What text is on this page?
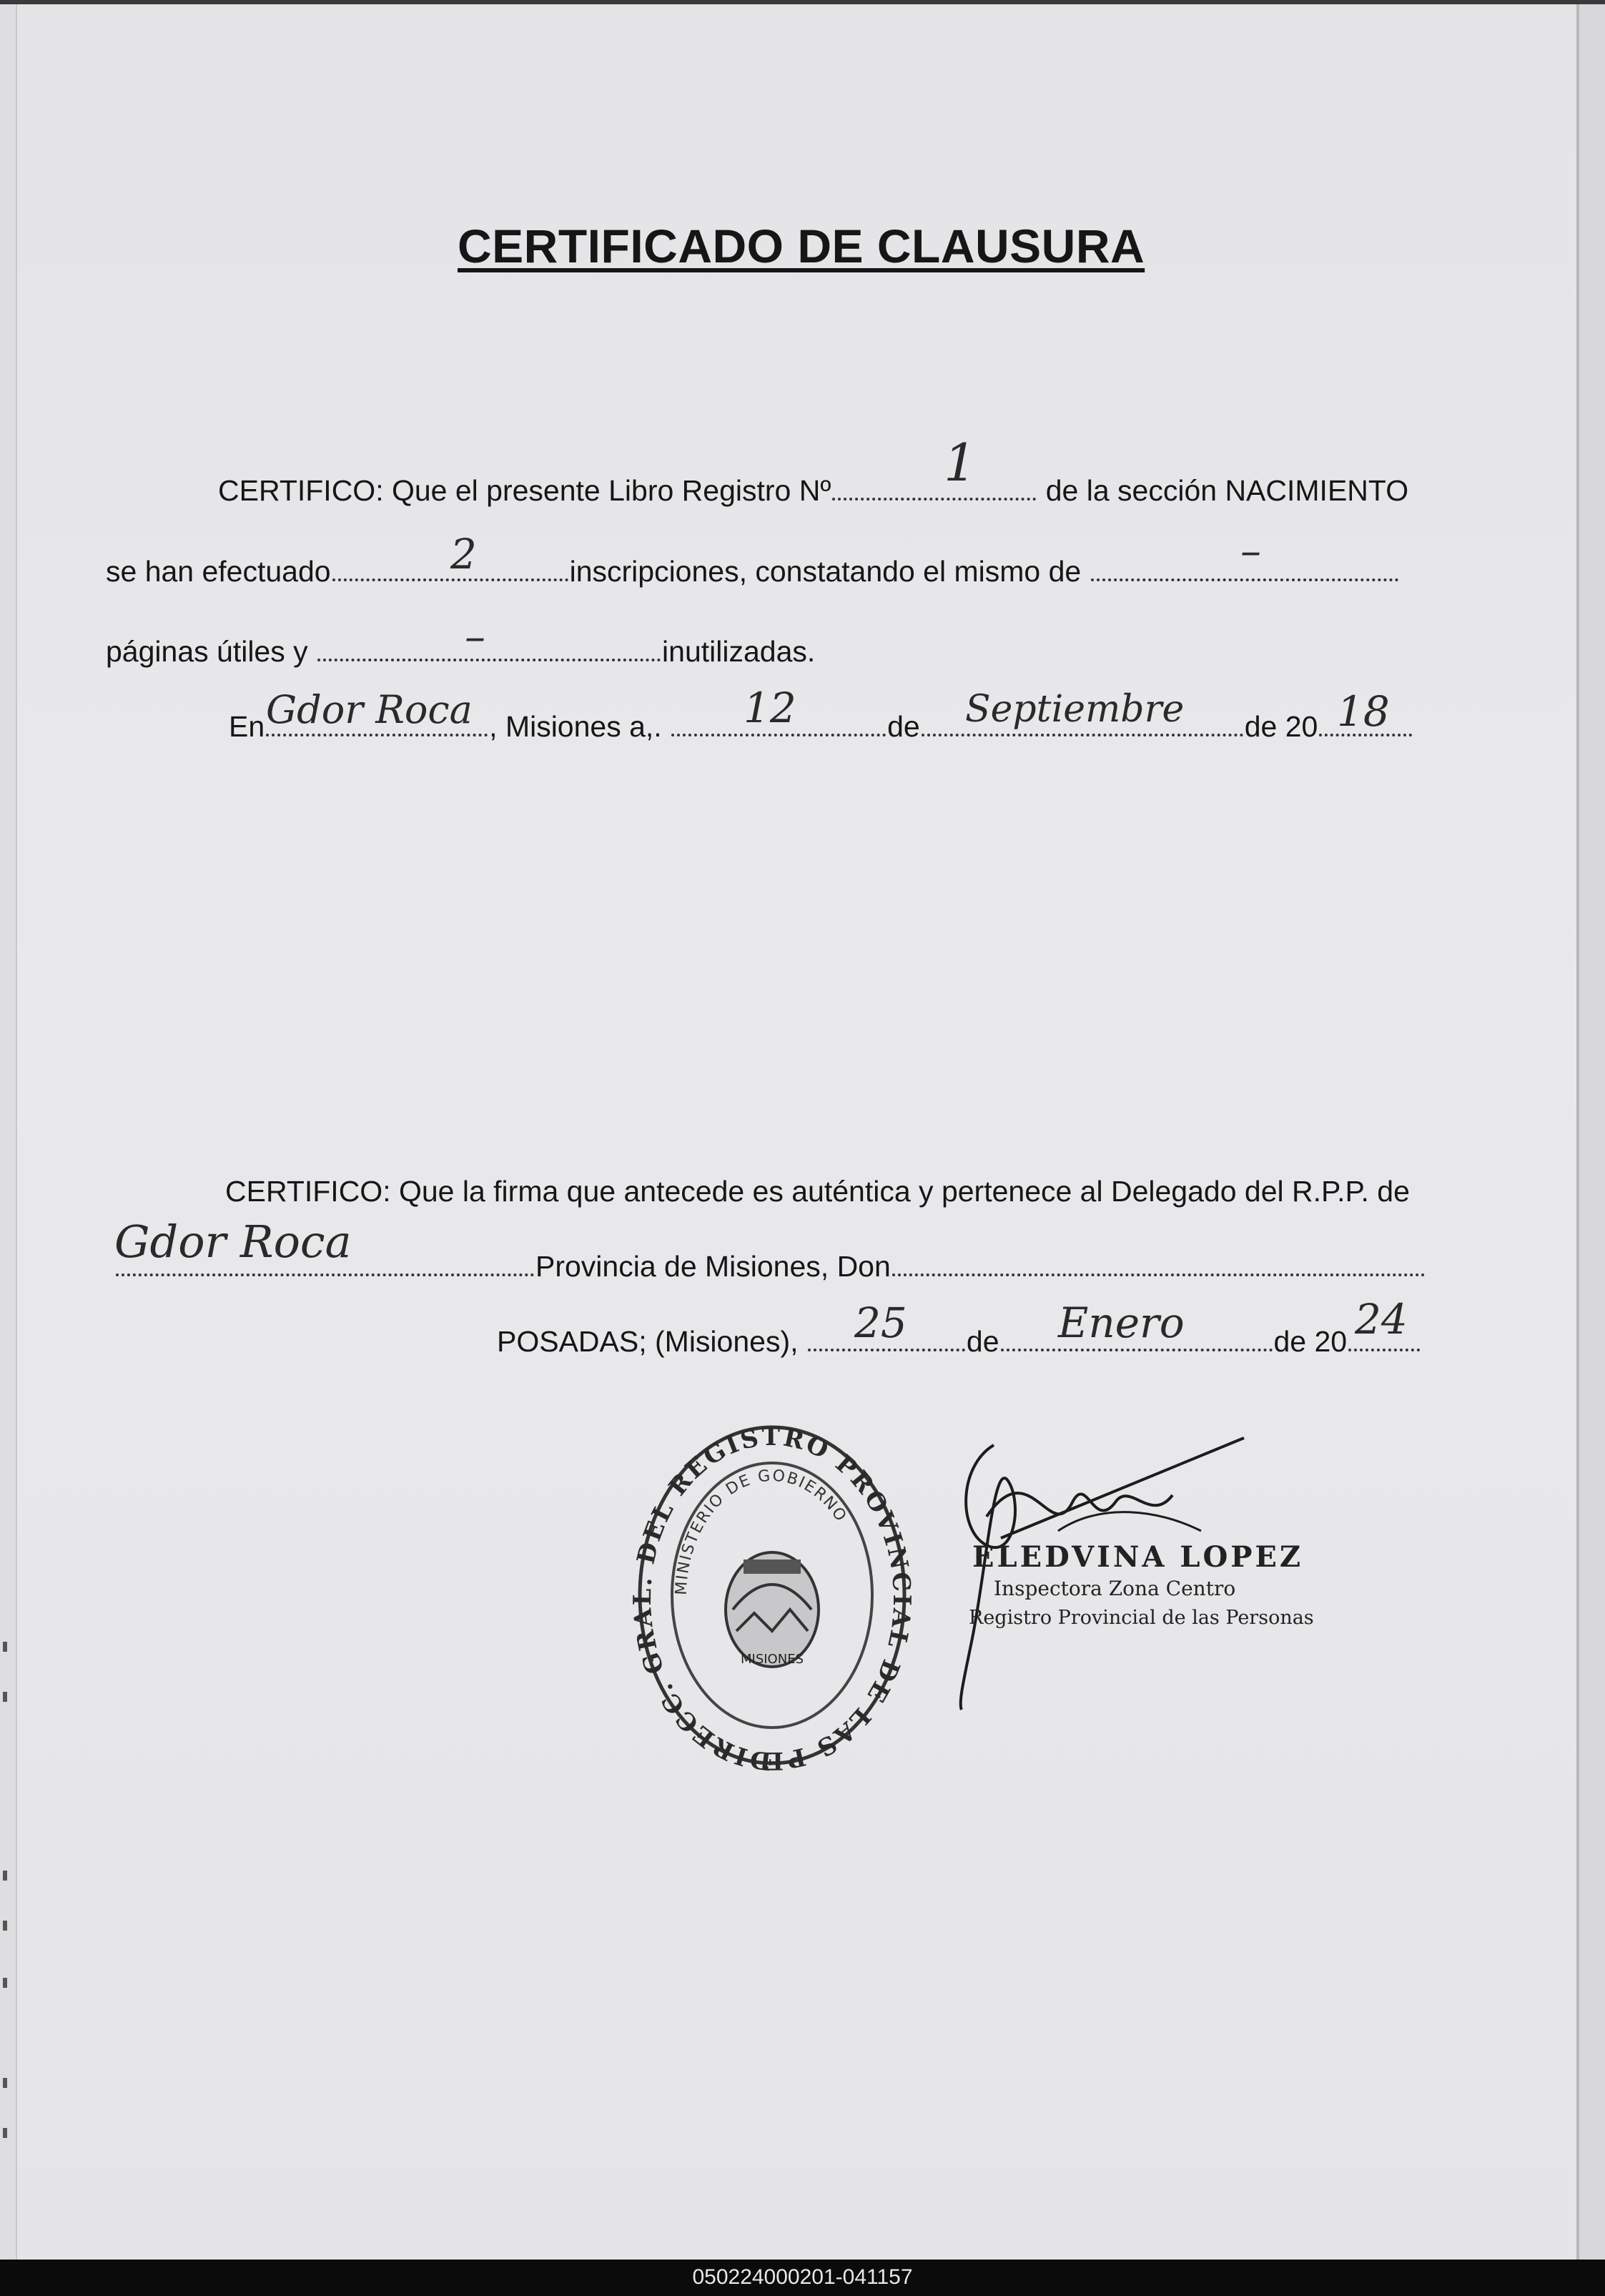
CERTIFICADO DE CLAUSURA
CERTIFICO: Que el presente Libro Registro Nº	de la sección NACIMIENTO
1
se han efectuado	inscripciones, constatando el mismo de
2	–
páginas útiles y	inutilizadas.
–
En	, Misiones a,.	de	de 20
Gdor Roca	12	Septiembre	18
CERTIFICO: Que la firma que antecede es auténtica y pertenece al Delegado del R.P.P. de
Provincia de Misiones, Don
Gdor Roca
POSADAS; (Misiones),	de	de 20
25	Enero	24
DIRECC. GRAL. DEL REGISTRO PROVINCIAL DE LAS PE
MINISTERIO DE GOBIERNO
MISIONES
ELEDVINA LOPEZ
Inspectora Zona Centro
Registro Provincial de las Personas
050224000201-041157
